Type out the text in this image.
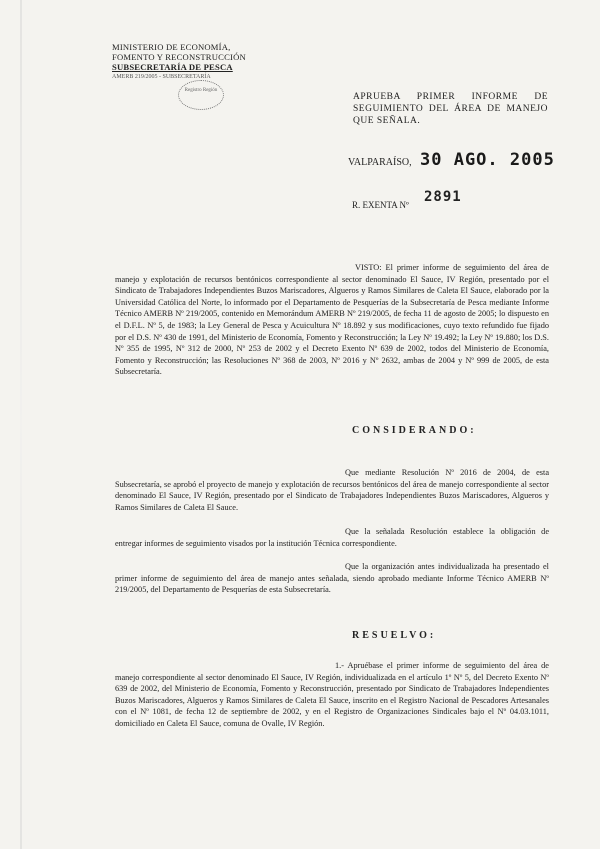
MINISTERIO DE ECONOMÍA,
FOMENTO Y RECONSTRUCCIÓN
SUBSECRETARÍA DE PESCA
AMERB 219/2005 - SUBSECRETARÍA
Registro Región
APRUEBA PRIMER INFORME DE SEGUIMIENTO DEL ÁREA DE MANEJO QUE SEÑALA.
VALPARAÍSO, 30 AGO. 2005
R. EXENTA Nº 2891
VISTO: El primer informe de seguimiento del área de manejo y explotación de recursos bentónicos correspondiente al sector denominado El Sauce, IV Región, presentado por el Sindicato de Trabajadores Independientes Buzos Mariscadores, Algueros y Ramos Similares de Caleta El Sauce, elaborado por la Universidad Católica del Norte, lo informado por el Departamento de Pesquerías de la Subsecretaría de Pesca mediante Informe Técnico AMERB Nº 219/2005, contenido en Memorándum AMERB Nº 219/2005, de fecha 11 de agosto de 2005; lo dispuesto en el D.F.L. Nº 5, de 1983; la Ley General de Pesca y Acuicultura Nº 18.892 y sus modificaciones, cuyo texto refundido fue fijado por el D.S. Nº 430 de 1991, del Ministerio de Economía, Fomento y Reconstrucción; la Ley Nº 19.492; la Ley Nº 19.880; los D.S. Nº 355 de 1995, Nº 312 de 2000, Nº 253 de 2002 y el Decreto Exento Nº 639 de 2002, todos del Ministerio de Economía, Fomento y Reconstrucción; las Resoluciones Nº 368 de 2003, Nº 2016 y Nº 2632, ambas de 2004 y Nº 999 de 2005, de esta Subsecretaría.
CONSIDERANDO:
Que mediante Resolución Nº 2016 de 2004, de esta Subsecretaría, se aprobó el proyecto de manejo y explotación de recursos bentónicos del área de manejo correspondiente al sector denominado El Sauce, IV Región, presentado por el Sindicato de Trabajadores Independientes Buzos Mariscadores, Algueros y Ramos Similares de Caleta El Sauce.
Que la señalada Resolución establece la obligación de entregar informes de seguimiento visados por la institución Técnica correspondiente.
Que la organización antes individualizada ha presentado el primer informe de seguimiento del área de manejo antes señalada, siendo aprobado mediante Informe Técnico AMERB Nº 219/2005, del Departamento de Pesquerías de esta Subsecretaría.
RESUELVO:
1.- Apruébase el primer informe de seguimiento del área de manejo correspondiente al sector denominado El Sauce, IV Región, individualizada en el artículo 1º Nº 5, del Decreto Exento Nº 639 de 2002, del Ministerio de Economía, Fomento y Reconstrucción, presentado por Sindicato de Trabajadores Independientes Buzos Mariscadores, Algueros y Ramos Similares de Caleta El Sauce, inscrito en el Registro Nacional de Pescadores Artesanales con el Nº 1081, de fecha 12 de septiembre de 2002, y en el Registro de Organizaciones Sindicales bajo el Nº 04.03.1011, domiciliado en Caleta El Sauce, comuna de Ovalle, IV Región.
